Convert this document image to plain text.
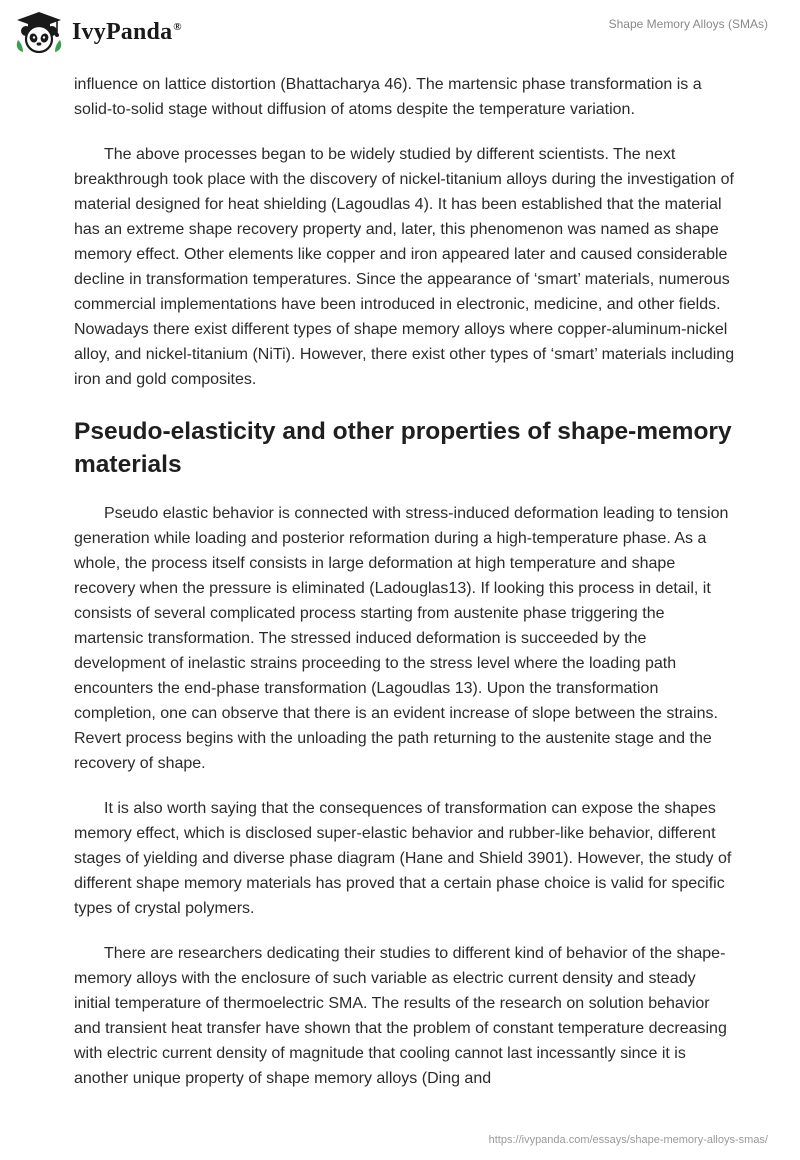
IvyPanda®	Shape Memory Alloys (SMAs)

influence on lattice distortion (Bhattacharya 46). The martensic phase transformation is a solid-to-solid stage without diffusion of atoms despite the temperature variation.

The above processes began to be widely studied by different scientists. The next breakthrough took place with the discovery of nickel-titanium alloys during the investigation of material designed for heat shielding (Lagoudlas 4). It has been established that the material has an extreme shape recovery property and, later, this phenomenon was named as shape memory effect. Other elements like copper and iron appeared later and caused considerable decline in transformation temperatures. Since the appearance of ‘smart’ materials, numerous commercial implementations have been introduced in electronic, medicine, and other fields. Nowadays there exist different types of shape memory alloys where copper-aluminum-nickel alloy, and nickel-titanium (NiTi). However, there exist other types of ‘smart’ materials including iron and gold composites.

Pseudo-elasticity and other properties of shape-memory materials

Pseudo elastic behavior is connected with stress-induced deformation leading to tension generation while loading and posterior reformation during a high-temperature phase. As a whole, the process itself consists in large deformation at high temperature and shape recovery when the pressure is eliminated (Ladouglas13). If looking this process in detail, it consists of several complicated process starting from austenite phase triggering the martensic transformation. The stressed induced deformation is succeeded by the development of inelastic strains proceeding to the stress level where the loading path encounters the end-phase transformation (Lagoudlas 13). Upon the transformation completion, one can observe that there is an evident increase of slope between the strains. Revert process begins with the unloading the path returning to the austenite stage and the recovery of shape.

It is also worth saying that the consequences of transformation can expose the shapes memory effect, which is disclosed super-elastic behavior and rubber-like behavior, different stages of yielding and diverse phase diagram (Hane and Shield 3901). However, the study of different shape memory materials has proved that a certain phase choice is valid for specific types of crystal polymers.

There are researchers dedicating their studies to different kind of behavior of the shape-memory alloys with the enclosure of such variable as electric current density and steady initial temperature of thermoelectric SMA. The results of the research on solution behavior and transient heat transfer have shown that the problem of constant temperature decreasing with electric current density of magnitude that cooling cannot last incessantly since it is another unique property of shape memory alloys (Ding and

https://ivypanda.com/essays/shape-memory-alloys-smas/
